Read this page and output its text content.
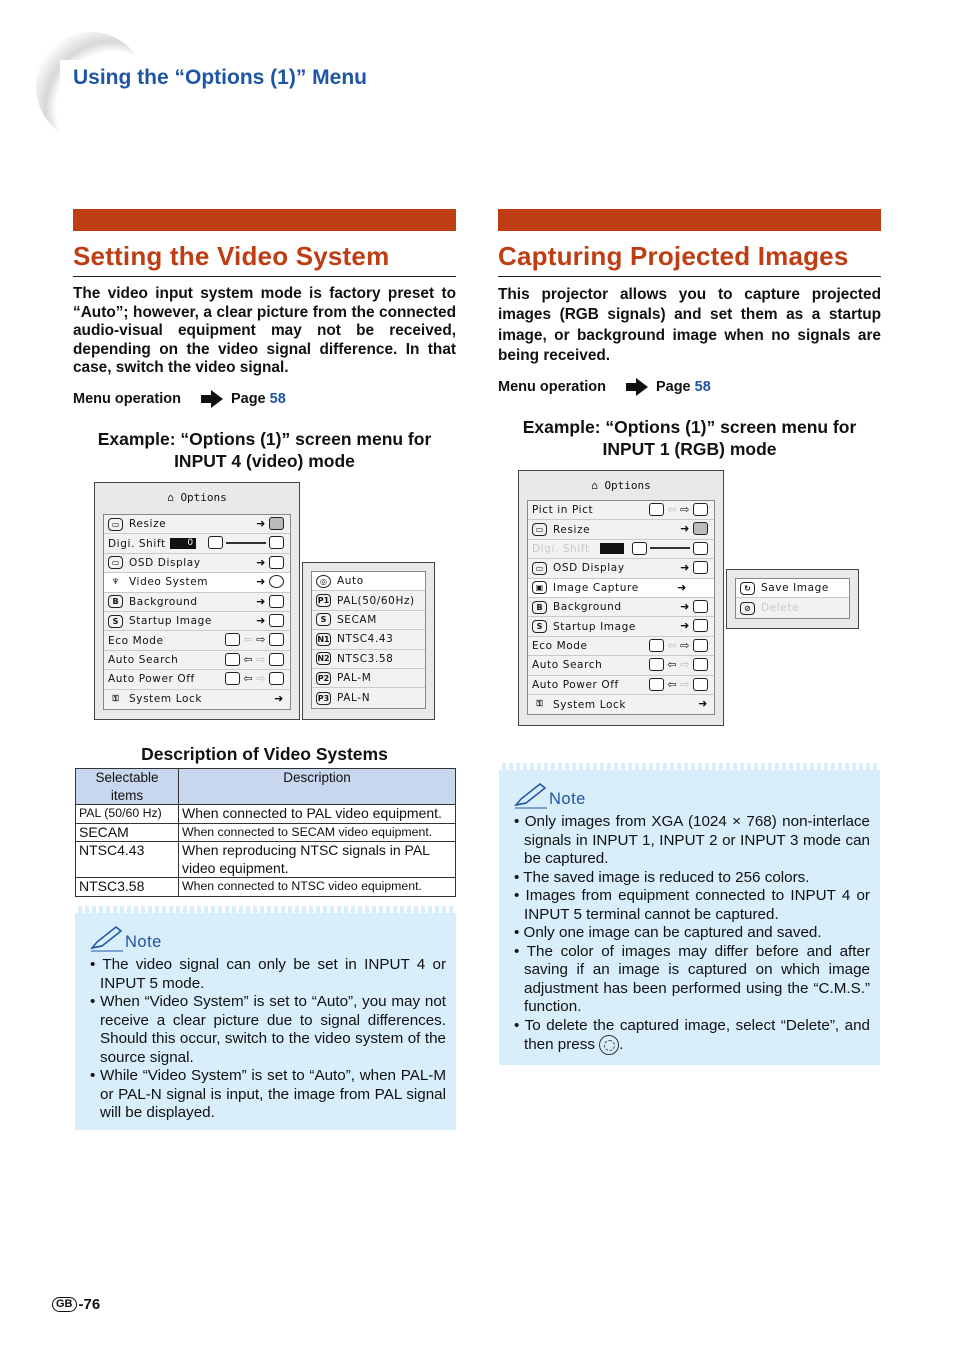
Using the “Options (1)” Menu
Setting the Video System

The video input system mode is factory preset to “Auto”; however, a clear picture from the connected audio-visual equipment may not be received, depending on the video signal difference. In that case, switch the video signal.

Menu operation	Page 58
Example: “Options (1)” screen menu for INPUT 4 (video) mode
⌂ Options
▭ Resize	➜
Digi. Shift	0
▭ OSD Display	➜
♆ Video System	➜
B Background	➜
S	Startup Image	➜
Eco Mode	⇦ ⇨
Auto Search	⇦ ⇨
Auto Power Off	⇦ ⇨
⚿ System Lock	➜
◎ Auto
P1 PAL(50/60Hz)
S	SECAM
N1 NTSC4.43
N2 NTSC3.58
P2 PAL-M
P3 PAL-N
Description of Video Systems
Selectable items	Description
PAL (50/60 Hz)	When connected to PAL video equipment.
SECAM	When connected to SECAM video equipment.
NTSC4.43	When reproducing NTSC signals in PAL video equipment.
NTSC3.58	When connected to NTSC video equipment.
Note
• The video signal can only be set in INPUT 4 or INPUT 5 mode.
• When “Video System” is set to “Auto”, you may not receive a clear picture due to signal differences. Should this occur, switch to the video system of the source signal.
• While “Video System” is set to “Auto”, when PAL-M or PAL-N signal is input, the image from PAL signal will be displayed.
Capturing Projected Images

This projector allows you to capture projected images (RGB signals) and set them as a startup image, or background image when no signals are being received.

Menu operation	Page 58
Example: “Options (1)” screen menu for INPUT 1 (RGB) mode
⌂ Options
Pict in Pict	⇦ ⇨
▭ Resize	➜
Digi. Shift
▭ OSD Display	➜
▣ Image Capture	➜
B Background	➜
S	Startup Image	➜
Eco Mode	⇦ ⇨
Auto Search	⇦ ⇨
Auto Power Off	⇦ ⇨
⚿ System Lock	➜
↻ Save Image
⊘ Delete
Note
• Only images from XGA (1024 × 768) non-interlace signals in INPUT 1, INPUT 2 or INPUT 3 mode can be captured.
• The saved image is reduced to 256 colors.
• Images from equipment connected to INPUT 4 or INPUT 5 terminal cannot be captured.
• Only one image can be captured and saved.
• The color of images may differ before and after saving if an image is captured on which image adjustment has been performed using the “C.M.S.” function.
• To delete the captured image, select “Delete”, and then press .
GB -76
